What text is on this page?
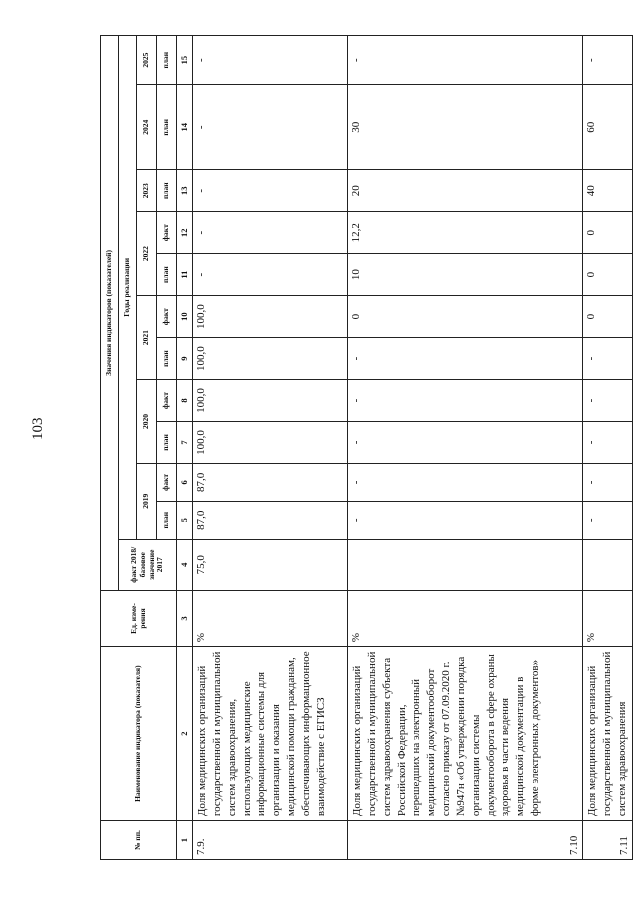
103
№ пп.	Наименование индикатора (показателя)	Ед. изме-рения	Значения индикаторов (показателей)											
			факт 2018/базовое значение 2017	Годы реализации										
				2019		2020		2021		2022		2023	2024	2025
				план	факт	план	факт	план	факт	план	факт	план	план	план
1	2	3	4	5	6	7	8	9	10	11	12	13	14	15
7.9.	Доля медицинских организаций государственной и муниципальной систем здравоохранения, использующих медицинские информационные системы для организации и оказания медицинской помощи гражданам, обеспечивающих информационное взаимодействие с ЕГИСЗ	%	75,0	87,0	87,0	100,0	100,0	100,0	100,0	-	-	-	-	-
7.10	Доля медицинских организаций государственной и муниципальной систем здравоохранения субъекта Российской Федерации, перешедших на электронный медицинский документооборот согласно приказу от 07.09.2020 г. №947н «Об утверждении порядка организации системы документооборота в сфере охраны здоровья в части ведения медицинской документации в форме электронных документов»	%		-	-	-	-	-	0	10	12,2	20	30	-
7.11	Доля медицинских организаций государственной и муниципальной систем здравоохранения	%		-	-	-	-	-	0	0	0	40	60	-
